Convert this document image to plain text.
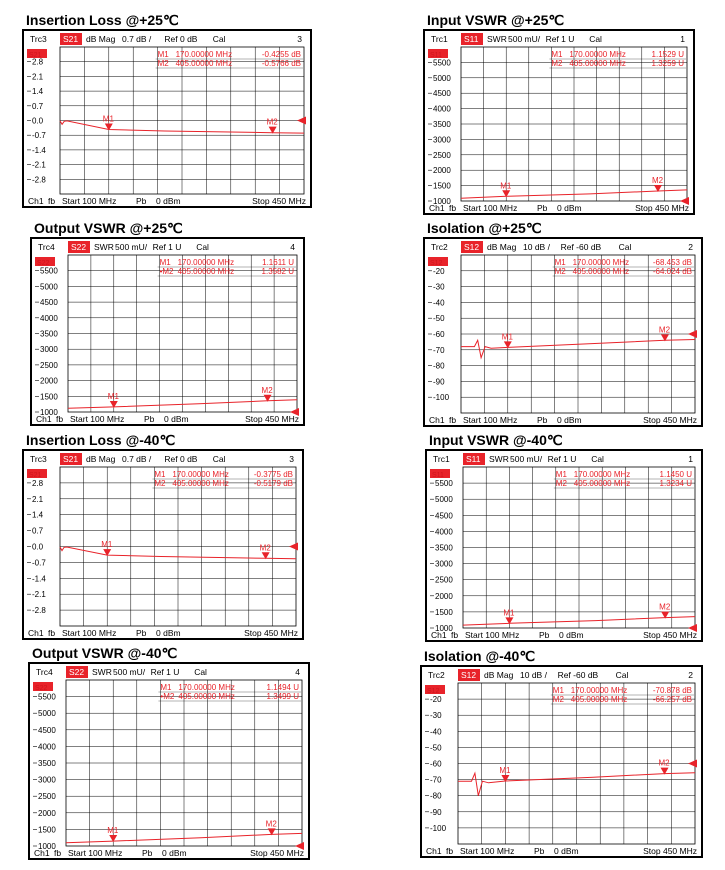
Insertion Loss @+25℃
Trc3 S21 dB Mag 0.7 dB / Ref 0 dB Cal	3
2.8
2.1
1.4
0.7
0.0
-0.7
-1.4
-2.1
-2.8
S21
M1	M2
M1 170.00000 MHz	-0.4255 dB
M2 405.00000 MHz	-0.5766 dB
Ch1 fb Start 100 MHz Pb 0 dBm	Stop 450 MHz
Input VSWR @+25℃
Trc1 S11 SWR 500 mU/ Ref 1 U Cal	1
5500
5000
4500
4000
3500
3000
2500
2000
1500
1000
S11
M1
M2
M1 170.00000 MHz	1.1529 U
M2 405.00000 MHz	1.3259 U
Ch1 fb Start 100 MHz Pb 0 dBm	Stop 450 MHz
Output VSWR @+25℃
Trc4 S22 SWR 500 mU/ Ref 1 U Cal	4
5500
5000
4500
4000
3500
3000
2500
2000
1500
1000
S22
M1
M2
M1 170.00000 MHz	1.1611 U
•M2 405.00000 MHz	1.3582 U
Ch1 fb Start 100 MHz Pb 0 dBm	Stop 450 MHz
Isolation @+25℃
Trc2 S12 dB Mag 10 dB / Ref -60 dB Cal	2
-20
-30
-40
-50
-60
-70
-80
-90
-100
S12
M1
M2
M1 170.00000 MHz	-68.453 dB
M2 405.00000 MHz	-64.024 dB
Ch1 fb Start 100 MHz Pb 0 dBm	Stop 450 MHz
Insertion Loss @-40℃
Trc3 S21 dB Mag 0.7 dB / Ref 0 dB Cal	3
2.8
2.1
1.4
0.7
0.0
-0.7
-1.4
-2.1
-2.8
S21
M1	M2
M1 170.00000 MHz	-0.3775 dB
M2 405.00000 MHz	-0.5179 dB
Ch1 fb Start 100 MHz Pb 0 dBm	Stop 450 MHz
Input VSWR @-40℃
Trc1 S11 SWR 500 mU/ Ref 1 U Cal	1
5500
5000
4500
4000
3500
3000
2500
2000
1500
1000
S11
M1
M2
M1 170.00000 MHz	1.1450 U
M2 405.00000 MHz	1.3234 U
Ch1 fb Start 100 MHz Pb 0 dBm	Stop 450 MHz
Output VSWR @-40℃
Trc4 S22 SWR 500 mU/ Ref 1 U Cal	4
5500
5000
4500
4000
3500
3000
2500
2000
1500
1000
S22
M1
M2
M1 170.00000 MHz	1.1494 U
•M2 405.00000 MHz	1.3499 U
Ch1 fb Start 100 MHz Pb 0 dBm	Stop 450 MHz
Isolation @-40℃
Trc2 S12 dB Mag 10 dB / Ref -60 dB Cal	2
-20
-30
-40
-50
-60
-70
-80
-90
-100
S12
M1
M2
M1 170.00000 MHz	-70.878 dB
M2 405.00000 MHz	-66.257 dB
Ch1 fb Start 100 MHz Pb 0 dBm	Stop 450 MHz
